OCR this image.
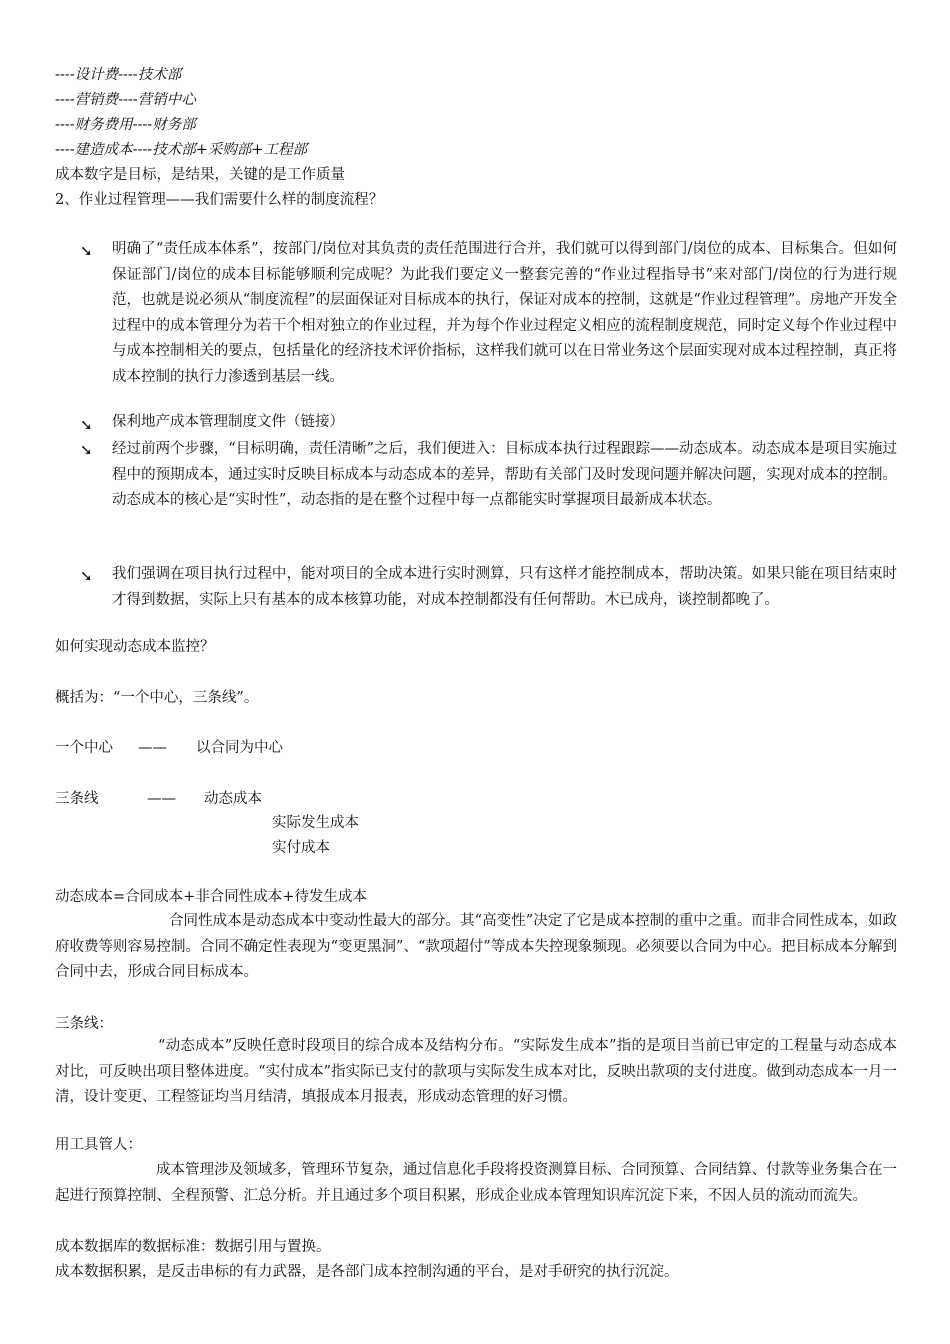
----设计费----技术部
----营销费----营销中心
----财务费用----财务部
----建造成本----技术部+采购部+工程部
成本数字是目标，是结果，关键的是工作质量
2、作业过程管理——我们需要什么样的制度流程？
➘ 明确了“责任成本体系”，按部门/岗位对其负责的责任范围进行合并，我们就可以得到部门/岗位的成本、目标集合。但如何保证部门/岗位的成本目标能够顺利完成呢？为此我们要定义一整套完善的“作业过程指导书”来对部门/岗位的行为进行规范，也就是说必须从“制度流程”的层面保证对目标成本的执行，保证对成本的控制，这就是“作业过程管理”。房地产开发全过程中的成本管理分为若干个相对独立的作业过程，并为每个作业过程定义相应的流程制度规范，同时定义每个作业过程中与成本控制相关的要点，包括量化的经济技术评价指标，这样我们就可以在日常业务这个层面实现对成本过程控制，真正将成本控制的执行力渗透到基层一线。
➘ 保利地产成本管理制度文件（链接）
➘ 经过前两个步骤，“目标明确，责任清晰”之后，我们便进入：目标成本执行过程跟踪——动态成本。动态成本是项目实施过程中的预期成本，通过实时反映目标成本与动态成本的差异，帮助有关部门及时发现问题并解决问题，实现对成本的控制。动态成本的核心是“实时性”，动态指的是在整个过程中每一点都能实时掌握项目最新成本状态。
➘ 我们强调在项目执行过程中，能对项目的全成本进行实时测算，只有这样才能控制成本，帮助决策。如果只能在项目结束时才得到数据，实际上只有基本的成本核算功能，对成本控制都没有任何帮助。木已成舟，谈控制都晚了。
如何实现动态成本监控？
概括为：“一个中心，三条线”。
一个中心 —— 以合同为中心
三条线	—— 动态成本
实际发生成本
实付成本
动态成本=合同成本+非合同性成本+待发生成本
合同性成本是动态成本中变动性最大的部分。其“高变性”决定了它是成本控制的重中之重。而非合同性成本，如政府收费等则容易控制。合同不确定性表现为“变更黑洞”、“款项超付”等成本失控现象频现。必须要以合同为中心。把目标成本分解到合同中去，形成合同目标成本。
三条线：
“动态成本”反映任意时段项目的综合成本及结构分布。“实际发生成本”指的是项目当前已审定的工程量与动态成本对比，可反映出项目整体进度。“实付成本”指实际已支付的款项与实际发生成本对比，反映出款项的支付进度。做到动态成本一月一清，设计变更、工程签证均当月结清，填报成本月报表，形成动态管理的好习惯。
用工具管人：
成本管理涉及领域多，管理环节复杂，通过信息化手段将投资测算目标、合同预算、合同结算、付款等业务集合在一起进行预算控制、全程预警、汇总分析。并且通过多个项目积累，形成企业成本管理知识库沉淀下来，不因人员的流动而流失。
成本数据库的数据标准：数据引用与置换。
成本数据积累，是反击串标的有力武器，是各部门成本控制沟通的平台，是对手研究的执行沉淀。
